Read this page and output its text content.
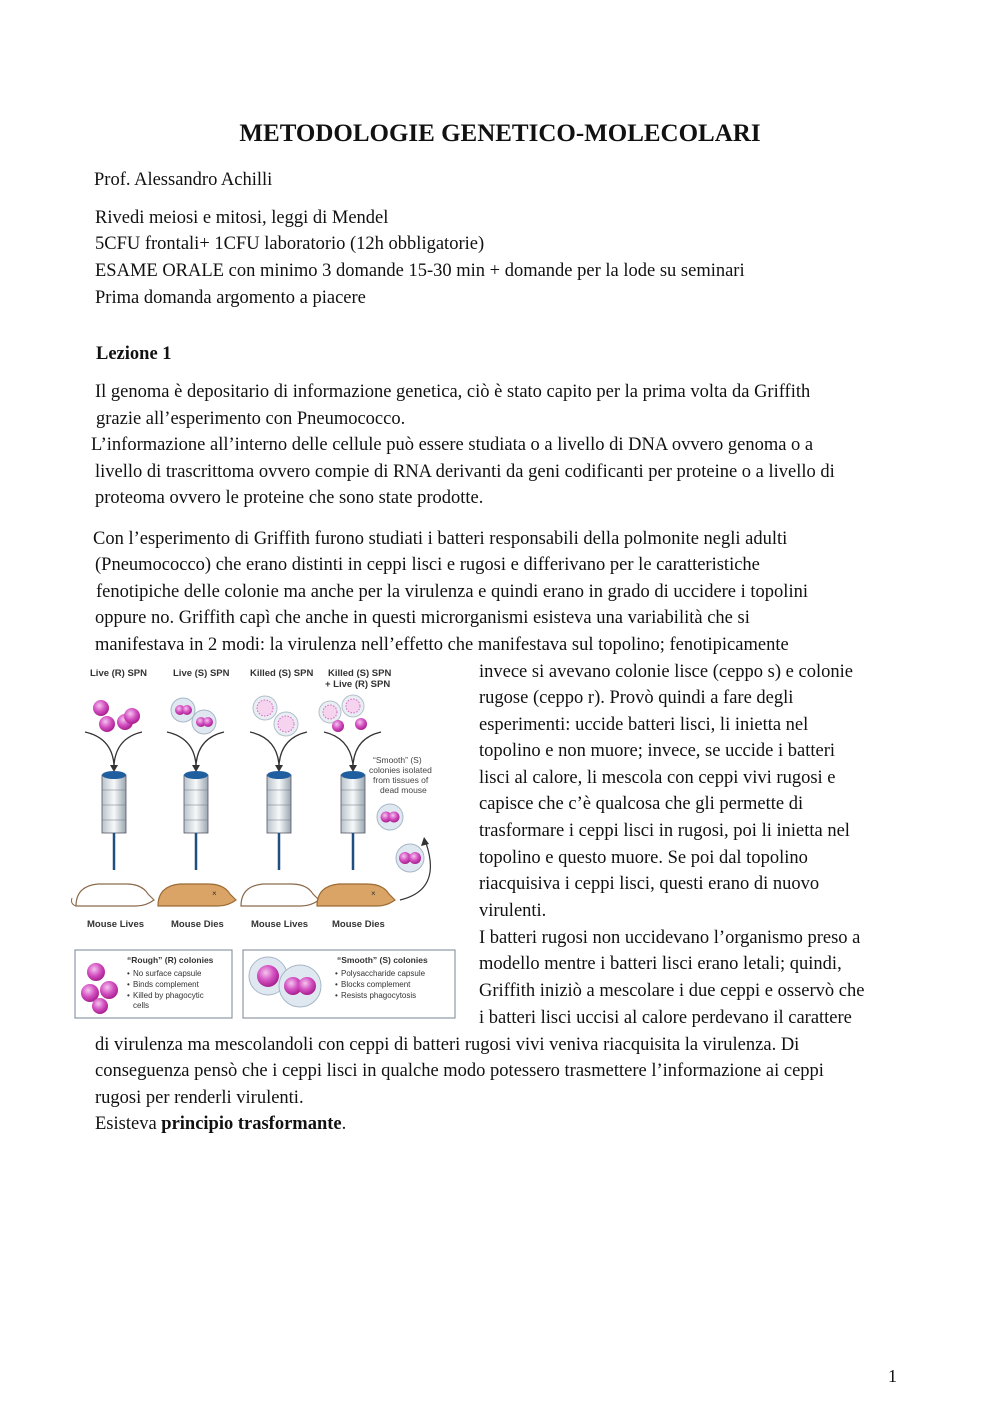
METODOLOGIE GENETICO-MOLECOLARI
Prof. Alessandro Achilli
Rivedi meiosi e mitosi, leggi di Mendel
5CFU frontali+ 1CFU laboratorio (12h obbligatorie)
ESAME ORALE con minimo 3 domande 15-30 min + domande per la lode su seminari
Prima domanda argomento a piacere
Lezione 1
Il genoma è depositario di informazione genetica, ciò è stato capito per la prima volta da Griffith
grazie all’esperimento con Pneumococco.
L’informazione all’interno delle cellule può essere studiata o a livello di DNA ovvero genoma o a
livello di trascrittoma ovvero compie di RNA derivanti da geni codificanti per proteine o a livello di
proteoma ovvero le proteine che sono state prodotte.
Con l’esperimento di Griffith furono studiati i batteri responsabili della polmonite negli adulti
(Pneumococco) che erano distinti in ceppi lisci e rugosi e differivano per le caratteristiche
fenotipiche delle colonie ma anche per la virulenza e quindi erano in grado di uccidere i topolini
oppure no. Griffith capì che anche in questi microrganismi esisteva una variabilità che si
manifestava in 2 modi: la virulenza nell’effetto che manifestava sul topolino; fenotipicamente
invece si avevano colonie lisce (ceppo s) e colonie
rugose (ceppo r). Provò quindi a fare degli
esperimenti: uccide batteri lisci, li inietta nel
topolino e non muore; invece, se uccide i batteri
lisci al calore, li mescola con ceppi vivi rugosi e
capisce che c’è qualcosa che gli permette di
trasformare i ceppi lisci in rugosi, poi li inietta nel
topolino e questo muore. Se poi dal topolino
riacquisiva i ceppi lisci, questi erano di nuovo
virulenti.
I batteri rugosi non uccidevano l’organismo preso a
modello mentre i batteri lisci erano letali; quindi,
Griffith iniziò a mescolare i due ceppi e osservò che
i batteri lisci uccisi al calore perdevano il carattere
di virulenza ma mescolandoli con ceppi di batteri rugosi vivi veniva riacquisita la virulenza. Di
conseguenza pensò che i ceppi lisci in qualche modo potessero trasmettere l’informazione ai ceppi
rugosi per renderli virulenti.
Esisteva principio trasformante.
Live (R) SPN	Live (S) SPN Killed (S) SPN Killed (S) SPN
+ Live (R) SPN
“Smooth” (S)
colonies isolated
from tissues of
dead mouse
×	×
Mouse Lives	Mouse Dies	Mouse Lives	Mouse Dies
“Rough” (R) colonies
• No surface capsule
• Binds complement
• Killed by phagocytic
cells
“Smooth” (S) colonies
• Polysaccharide capsule
• Blocks complement
• Resists phagocytosis
1
